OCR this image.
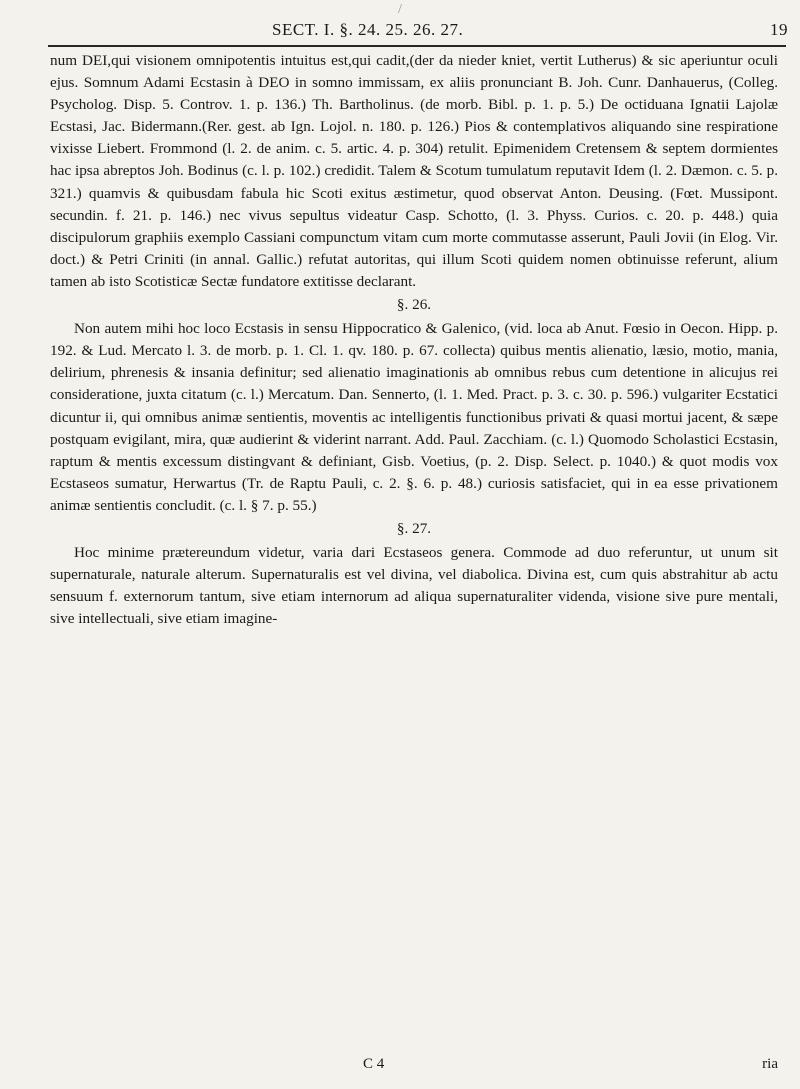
/
SECT. I. §. 24. 25. 26. 27.	19

num DEI,qui visionem omnipotentis intuitus est,qui cadit,(der da nieder kniet, vertit Lutherus) & sic aperiuntur oculi ejus. Somnum Adami Ecstasin à DEO in somno immissam, ex aliis pronunciant B. Joh. Cunr. Danhauerus, (Colleg. Psycholog. Disp. 5. Controv. 1. p. 136.) Th. Bartholinus. (de morb. Bibl. p. 1. p. 5.) De octiduana Ignatii Lajolæ Ecstasi, Jac. Bidermann.(Rer. gest. ab Ign. Lojol. n. 180. p. 126.) Pios & contemplativos aliquando sine respiratione vixisse Liebert. Frommond (l. 2. de anim. c. 5. artic. 4. p. 304) retulit. Epimenidem Cretensem & septem dormientes hac ipsa abreptos Joh. Bodinus (c. l. p. 102.) credidit. Talem & Scotum tumulatum reputavit Idem (l. 2. Dæmon. c. 5. p. 321.) quamvis & quibusdam fabula hic Scoti exitus æstimetur, quod observat Anton. Deusing. (Fœt. Mussipont. secundin. f. 21. p. 146.) nec vivus sepultus videatur Casp. Schotto, (l. 3. Physs. Curios. c. 20. p. 448.) quia discipulorum graphiis exemplo Cassiani compunctum vitam cum morte commutasse asserunt, Pauli Jovii (in Elog. Vir. doct.) & Petri Criniti (in annal. Gallic.) refutat autoritas, qui illum Scoti quidem nomen obtinuisse referunt, alium tamen ab isto Scotisticæ Sectæ fundatore extitisse declarant.

§. 26.

Non autem mihi hoc loco Ecstasis in sensu Hippocratico & Galenico, (vid. loca ab Anut. Fœsio in Oecon. Hipp. p. 192. & Lud. Mercato l. 3. de morb. p. 1. Cl. 1. qv. 180. p. 67. collecta) quibus mentis alienatio, læsio, motio, mania, delirium, phrenesis & insania definitur; sed alienatio imaginationis ab omnibus rebus cum detentione in alicujus rei consideratione, juxta citatum (c. l.) Mercatum. Dan. Sennerto, (l. 1. Med. Pract. p. 3. c. 30. p. 596.) vulgariter Ecstatici dicuntur ii, qui omnibus animæ sentientis, moventis ac intelligentis functionibus privati & quasi mortui jacent, & sæpe postquam evigilant, mira, quæ audierint & viderint narrant. Add. Paul. Zacchiam. (c. l.) Quomodo Scholastici Ecstasin, raptum & mentis excessum distingvant & definiant, Gisb. Voetius, (p. 2. Disp. Select. p. 1040.) & quot modis vox Ecstaseos sumatur, Herwartus (Tr. de Raptu Pauli, c. 2. §. 6. p. 48.) curiosis satisfaciet, qui in ea esse privationem animæ sentientis concludit. (c. l. § 7. p. 55.)

§. 27.

Hoc minime prætereundum videtur, varia dari Ecstaseos genera. Commode ad duo referuntur, ut unum sit supernaturale, naturale alterum. Supernaturalis est vel divina, vel diabolica. Divina est, cum quis abstrahitur ab actu sensuum f. externorum tantum, sive etiam internorum ad aliqua supernaturaliter videnda, visione sive pure mentali, sive intellectuali, sive etiam imagine-

C 4	ria
